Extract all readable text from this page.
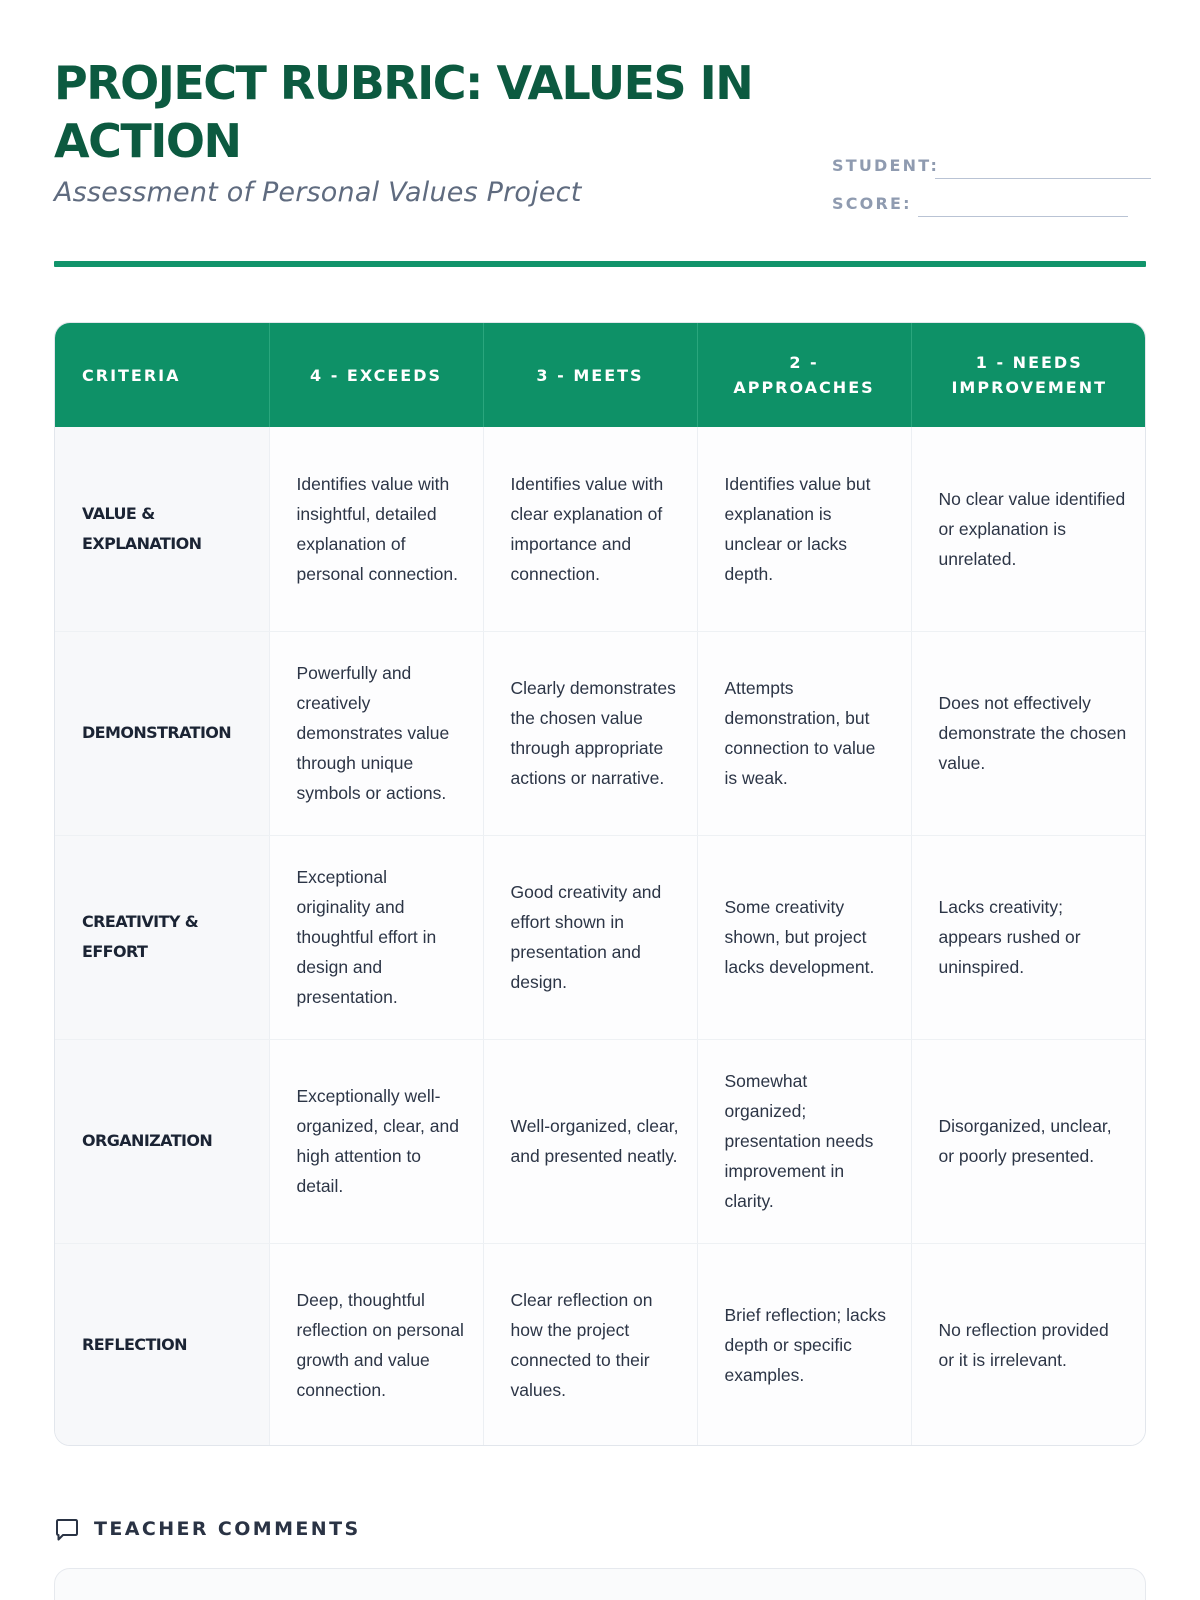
PROJECT RUBRIC: VALUES IN ACTION
Assessment of Personal Values Project
STUDENT:
SCORE:
CRITERIA	4 - EXCEEDS	3 - MEETS	2 - APPROACHES	1 - NEEDS IMPROVEMENT
VALUE & EXPLANATION	Identifies value with insightful, detailed explanation of personal connection.	Identifies value with clear explanation of importance and connection.	Identifies value but explanation is unclear or lacks depth.	No clear value identified or explanation is unrelated.
DEMONSTRATION	Powerfully and creatively demonstrates value through unique symbols or actions.	Clearly demonstrates the chosen value through appropriate actions or narrative.	Attempts demonstration, but connection to value is weak.	Does not effectively demonstrate the chosen value.
CREATIVITY & EFFORT	Exceptional originality and thoughtful effort in design and presentation.	Good creativity and effort shown in presentation and design.	Some creativity shown, but project lacks development.	Lacks creativity; appears rushed or uninspired.
ORGANIZATION	Exceptionally well-organized, clear, and high attention to detail.	Well-organized, clear, and presented neatly.	Somewhat organized; presentation needs improvement in clarity.	Disorganized, unclear, or poorly presented.
REFLECTION	Deep, thoughtful reflection on personal growth and value connection.	Clear reflection on how the project connected to their values.	Brief reflection; lacks depth or specific examples.	No reflection provided or it is irrelevant.
TEACHER COMMENTS
